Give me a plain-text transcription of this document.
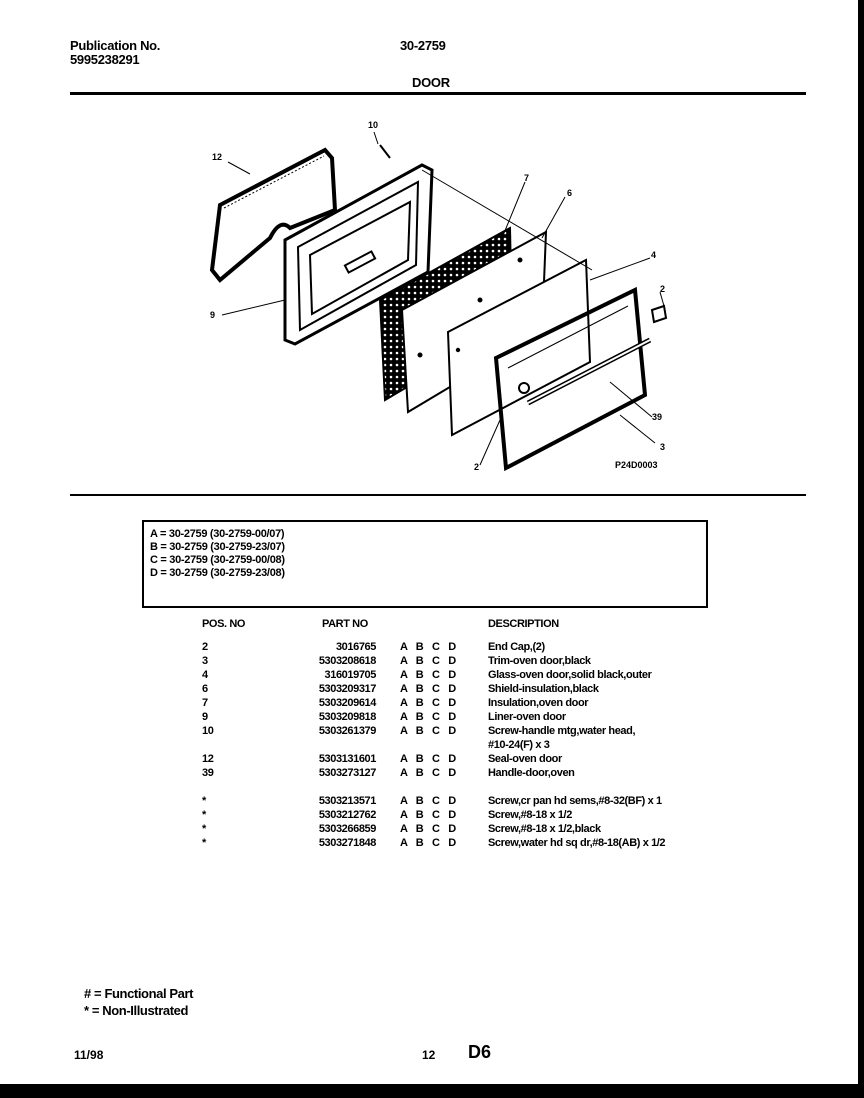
Publication No.
5995238291
30-2759
DOOR
12
10
7
6
4
2
9
39
3
2	P24D0003
A = 30-2759 (30-2759-00/07)
B = 30-2759 (30-2759-23/07)
C = 30-2759 (30-2759-00/08)
D = 30-2759 (30-2759-23/08)
POS. NO	PART NO	DESCRIPTION
2	3016765 A B C D	End Cap,(2)
3	5303208618 A B C D	Trim-oven door,black
4	316019705 A B C D	Glass-oven door,solid black,outer
6	5303209317 A B C D	Shield-insulation,black
7	5303209614 A B C D	Insulation,oven door
9	5303209818 A B C D	Liner-oven door
10	5303261379 A B C D	Screw-handle mtg,water head,
#10-24(F) x 3
12	5303131601 A B C D	Seal-oven door
39	5303273127 A B C D	Handle-door,oven
*	5303213571 A B C D	Screw,cr pan hd sems,#8-32(BF) x 1
*	5303212762 A B C D	Screw,#8-18 x 1/2
*	5303266859 A B C D	Screw,#8-18 x 1/2,black
*	5303271848 A B C D	Screw,water hd sq dr,#8-18(AB) x 1/2
# = Functional Part
* = Non-Illustrated
11/98	12 D6
